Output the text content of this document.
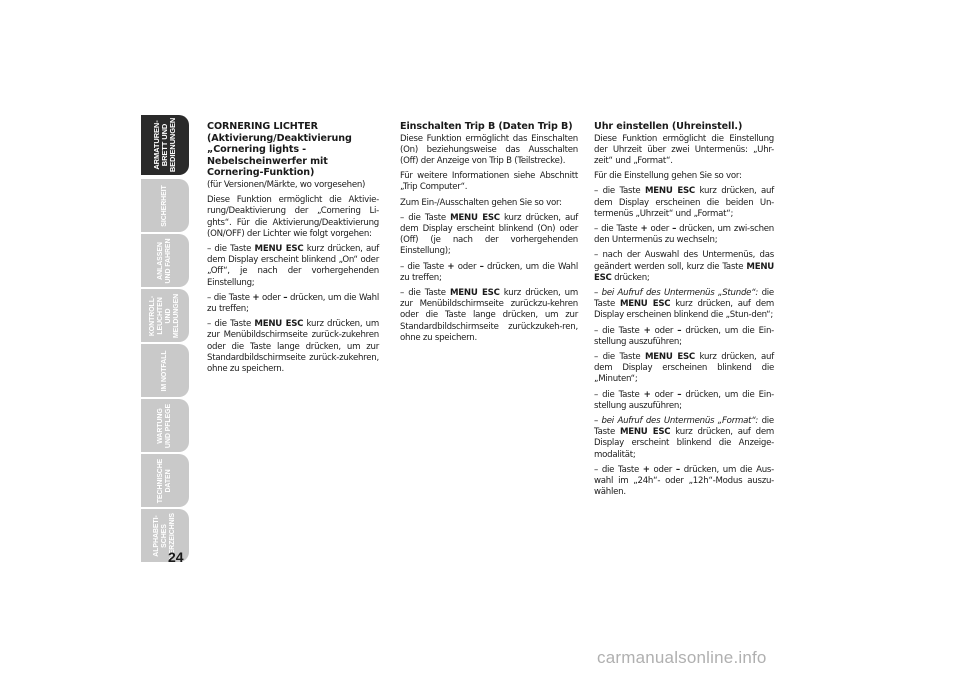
ARMATUREN-
BRETT UND
BEDIENUNGEN
SICHERHEIT
ANLASSEN
UND FAHREN
KONTROLL-
LEUCHTEN UND
MELDUNGEN
IM NOTFALL
WARTUNG
UND PFLEGE
TECHNISCHE
DATEN
ALPHABETI-
SCHES
VERZEICHNIS
24
CORNERING LICHTER (Aktivierung/Deaktivierung „Cornering lights - Nebelscheinwerfer mit Cornering-Funktion)

(für Versionen/Märkte, wo vorgesehen)

Diese Funktion ermöglicht die Aktivie-rung/Deaktivierung der „Cornering Li-ghts“. Für die Aktivierung/Deaktivierung (ON/OFF) der Lichter wie folgt vorgehen:

– die Taste MENU ESC kurz drücken, auf dem Display erscheint blinkend „On“ oder „Off“, je nach der vorhergehenden Einstellung;

– die Taste + oder – drücken, um die Wahl zu treffen;

– die Taste MENU ESC kurz drücken, um zur Menübildschirmseite zurück-zukehren oder die Taste lange drücken, um zur Standardbildschirmseite zurück-zukehren, ohne zu speichern.

Einschalten Trip B (Daten Trip B)

Diese Funktion ermöglicht das Einschalten (On) beziehungsweise das Ausschalten (Off) der Anzeige von Trip B (Teilstrecke).

Für weitere Informationen siehe Abschnitt „Trip Computer“.

Zum Ein-/Ausschalten gehen Sie so vor:

– die Taste MENU ESC kurz drücken, auf dem Display erscheint blinkend (On) oder (Off) (je nach der vorhergehenden Einstellung);

– die Taste + oder – drücken, um die Wahl zu treffen;

– die Taste MENU ESC kurz drücken, um zur Menübildschirmseite zurückzu-kehren oder die Taste lange drücken, um zur Standardbildschirmseite zurückzukeh-ren, ohne zu speichern.

Uhr einstellen (Uhreinstell.)

Diese Funktion ermöglicht die Einstellung der Uhrzeit über zwei Untermenüs: „Uhr-zeit“ und „Format“.

Für die Einstellung gehen Sie so vor:

– die Taste MENU ESC kurz drücken, auf dem Display erscheinen die beiden Un-termenüs „Uhrzeit“ und „Format“;

– die Taste + oder – drücken, um zwi-schen den Untermenüs zu wechseln;

– nach der Auswahl des Untermenüs, das geändert werden soll, kurz die Taste MENU ESC drücken;

– bei Aufruf des Untermenüs „Stunde“: die Taste MENU ESC kurz drücken, auf dem Display erscheinen blinkend die „Stun-den“;

– die Taste + oder – drücken, um die Ein-stellung auszuführen;

– die Taste MENU ESC kurz drücken, auf dem Display erscheinen blinkend die „Minuten“;

– die Taste + oder – drücken, um die Ein-stellung auszuführen;

– bei Aufruf des Untermenüs „Format“: die Taste MENU ESC kurz drücken, auf dem Display erscheint blinkend die Anzeige-modalität;

– die Taste + oder – drücken, um die Aus-wahl im „24h“- oder „12h“-Modus auszu-wählen.

carmanualsonline.info
